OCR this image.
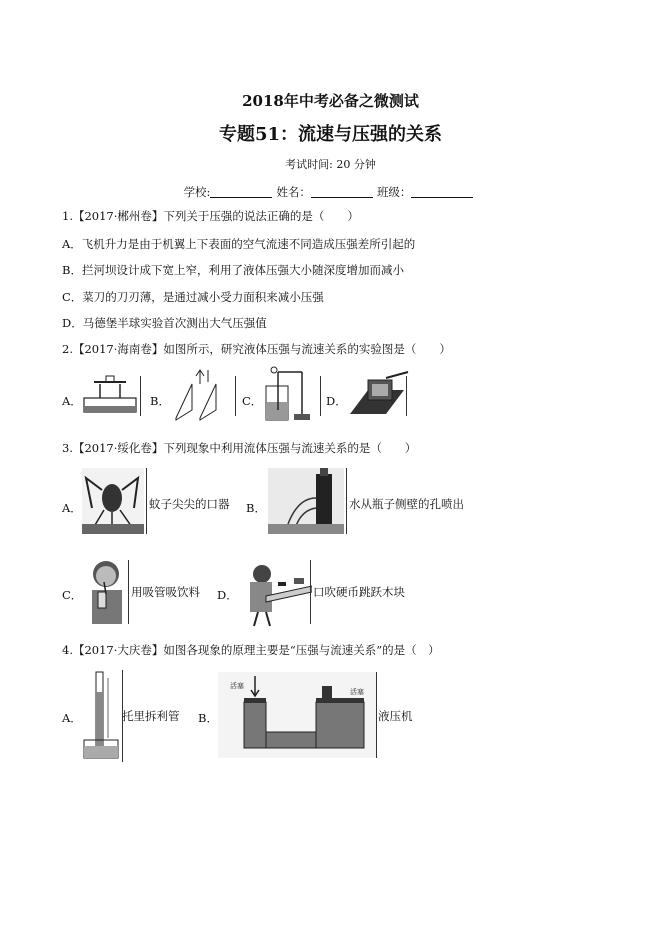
2018年中考必备之微测试
专题51：流速与压强的关系
考试时间: 20 分钟
学校:	姓名：	班级：
1.【2017·郴州卷】下列关于压强的说法正确的是（　　）
A．飞机升力是由于机翼上下表面的空气流速不同造成压强差所引起的
B．拦河坝设计成下宽上窄，利用了液体压强大小随深度增加而减小
C．菜刀的刀刃薄，是通过减小受力面积来减小压强
D．马德堡半球实验首次测出大气压强值
2.【2017·海南卷】如图所示，研究液体压强与流速关系的实验图是（　　）
A．	B．	C．	D．
3.【2017·绥化卷】下列现象中利用流体压强与流速关系的是（　　）
A．	蚊子尖尖的口器 B．	水从瓶子侧壁的孔喷出
C．	用吸管吸饮料 D．	口吹硬币跳跃木块
4.【2017·大庆卷】如图各现象的原理主要是“压强与流速关系”的是（　）
A．	托里拆利管 B．
活塞
活塞
液压机
